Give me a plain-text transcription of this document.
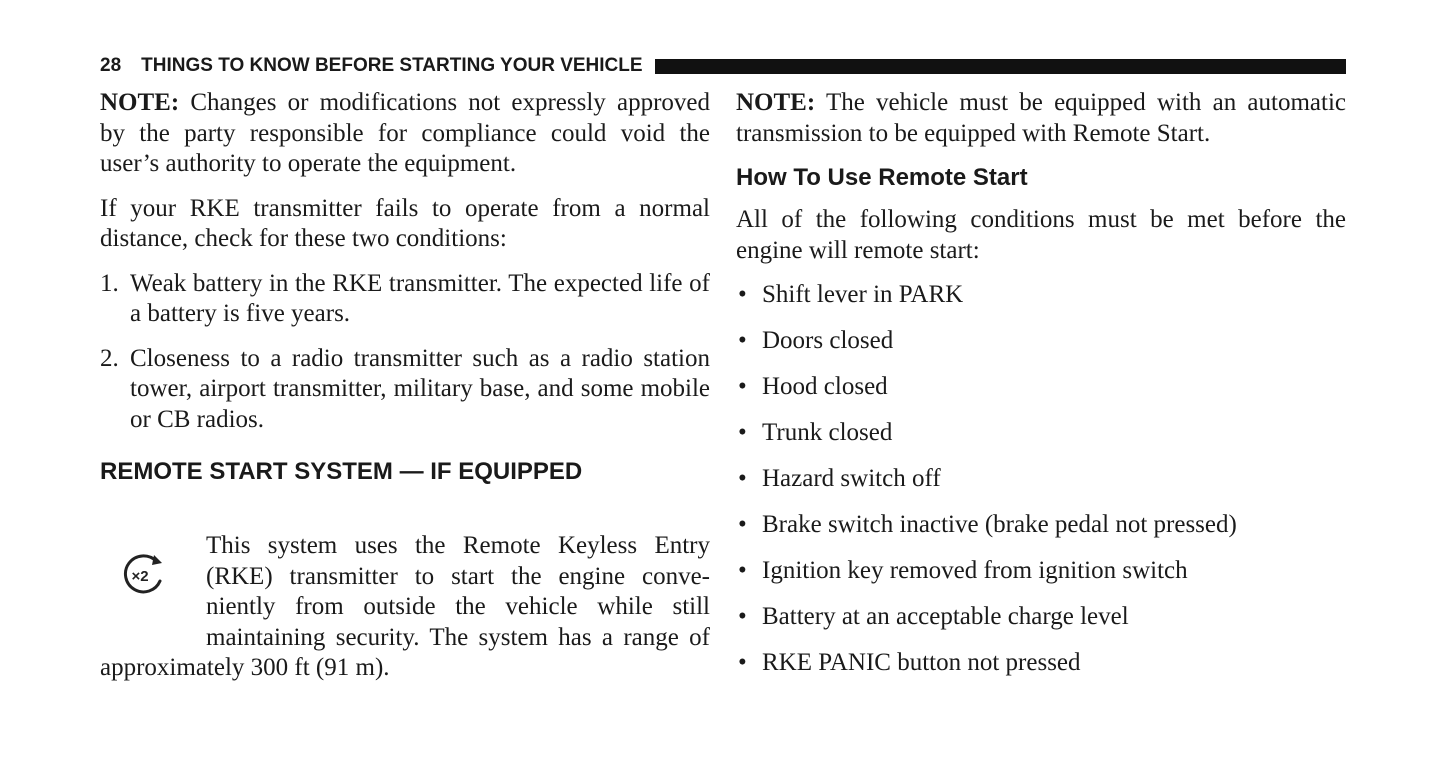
28 THINGS TO KNOW BEFORE STARTING YOUR VEHICLE

NOTE: Changes or modifications not expressly approved by the party responsible for compliance could void the user’s authority to operate the equipment.

If your RKE transmitter fails to operate from a normal distance, check for these two conditions:

1. Weak battery in the RKE transmitter. The expected life of a battery is five years.
2. Closeness to a radio transmitter such as a radio station tower, airport transmitter, military base, and some mobile or CB radios.
REMOTE START SYSTEM — IF EQUIPPED
×2

This system uses the Remote Keyless Entry

(RKE) transmitter to start the engine conve-

niently from outside the vehicle while still

maintaining security. The system has a range of

approximately 300 ft (91 m).

NOTE: The vehicle must be equipped with an automatic transmission to be equipped with Remote Start.

How To Use Remote Start

All of the following conditions must be met before the engine will remote start:

• Shift lever in PARK
• Doors closed
• Hood closed
• Trunk closed
• Hazard switch off
• Brake switch inactive (brake pedal not pressed)
• Ignition key removed from ignition switch
• Battery at an acceptable charge level
• RKE PANIC button not pressed
